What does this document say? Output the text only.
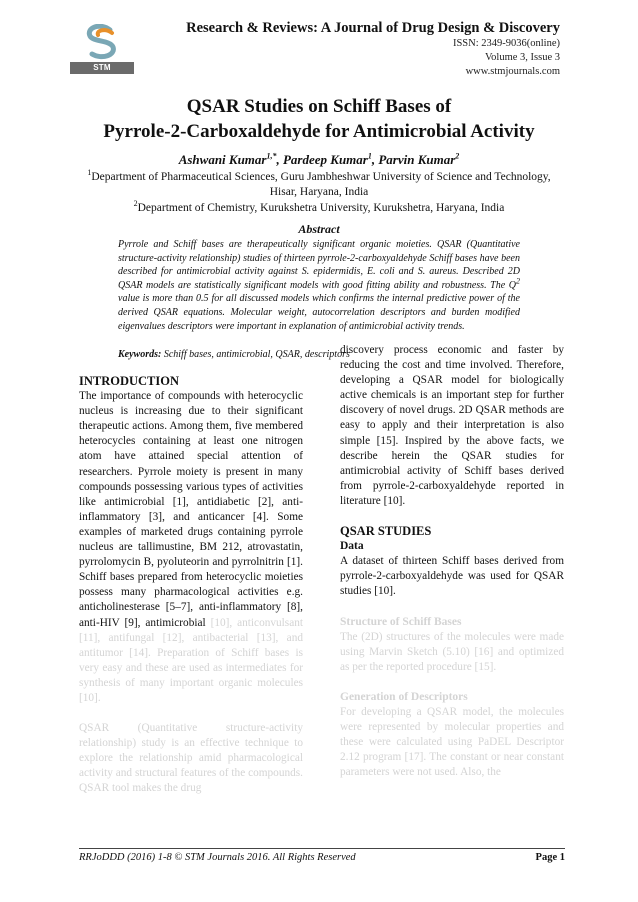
STM JOURNALS
Research & Reviews: A Journal of Drug Design & Discovery
ISSN: 2349-9036(online)
Volume 3, Issue 3
www.stmjournals.com
QSAR Studies on Schiff Bases of
Pyrrole-2-Carboxaldehyde for Antimicrobial Activity
Ashwani Kumar$^{1,*}$, Pardeep Kumar$^1$, Parvin Kumar$^2$
$^1$Department of Pharmaceutical Sciences, Guru Jambheshwar University of Science and Technology, Hisar, Haryana, India
$^2$Department of Chemistry, Kurukshetra University, Kurukshetra, Haryana, India
Abstract
Pyrrole and Schiff bases are therapeutically significant organic moieties. QSAR (Quantitative structure-activity relationship) studies of thirteen pyrrole-2-carboxyaldehyde Schiff bases have been described for antimicrobial activity against S. epidermidis, E. coli and S. aureus. Described 2D QSAR models are statistically significant models with good fitting ability and robustness. The $Q^2$ value is more than 0.5 for all discussed models which confirms the internal predictive power of the derived QSAR equations. Molecular weight, autocorrelation descriptors and burden modified eigenvalues descriptors were important in explanation of antimicrobial activity trends.
Keywords: Schiff bases, antimicrobial, QSAR, descriptors
INTRODUCTION

The importance of compounds with heterocyclic nucleus is increasing due to their significant therapeutic actions. Among them, five membered heterocycles containing at least one nitrogen atom have attained special attention of researchers. Pyrrole moiety is present in many compounds possessing various types of activities like antimicrobial [1], antidiabetic [2], anti-inflammatory [3], and anticancer [4]. Some examples of marketed drugs containing pyrrole nucleus are tallimustine, BM 212, atrovastatin, pyrrolomycin B, pyoluteorin and pyrrolnitrin [1]. Schiff bases prepared from heterocyclic moieties possess many pharmacological activities e.g. anticholinesterase [5–7], anti-inflammatory [8], anti-HIV [9], antimicrobial [10], anticonvulsant [11], antifungal [12], antibacterial [13], and antitumor [14]. Preparation of Schiff bases is very easy and these are used as intermediates for synthesis of many important organic molecules [10].

QSAR (Quantitative structure-activity relationship) study is an effective technique to explore the relationship amid pharmacological activity and structural features of the compounds. QSAR tool makes the drug

discovery process economic and faster by reducing the cost and time involved. Therefore, developing a QSAR model for biologically active chemicals is an important step for further discovery of novel drugs. 2D QSAR methods are easy to apply and their interpretation is also simple [15]. Inspired by the above facts, we describe herein the QSAR studies for antimicrobial activity of Schiff bases derived from pyrrole-2-carboxyaldehyde reported in literature [10].

QSAR STUDIES
Data

A dataset of thirteen Schiff bases derived from pyrrole-2-carboxyaldehyde was used for QSAR studies [10].

Structure of Schiff Bases

The (2D) structures of the molecules were made using Marvin Sketch (5.10) [16] and optimized as per the reported procedure [15].

Generation of Descriptors

For developing a QSAR model, the molecules were represented by molecular properties and these were calculated using PaDEL Descriptor 2.12 program [17]. The constant or near constant parameters were not used. Also, the

RRJoDDD (2016) 1-8 © STM Journals 2016. All Rights Reserved	Page 1
